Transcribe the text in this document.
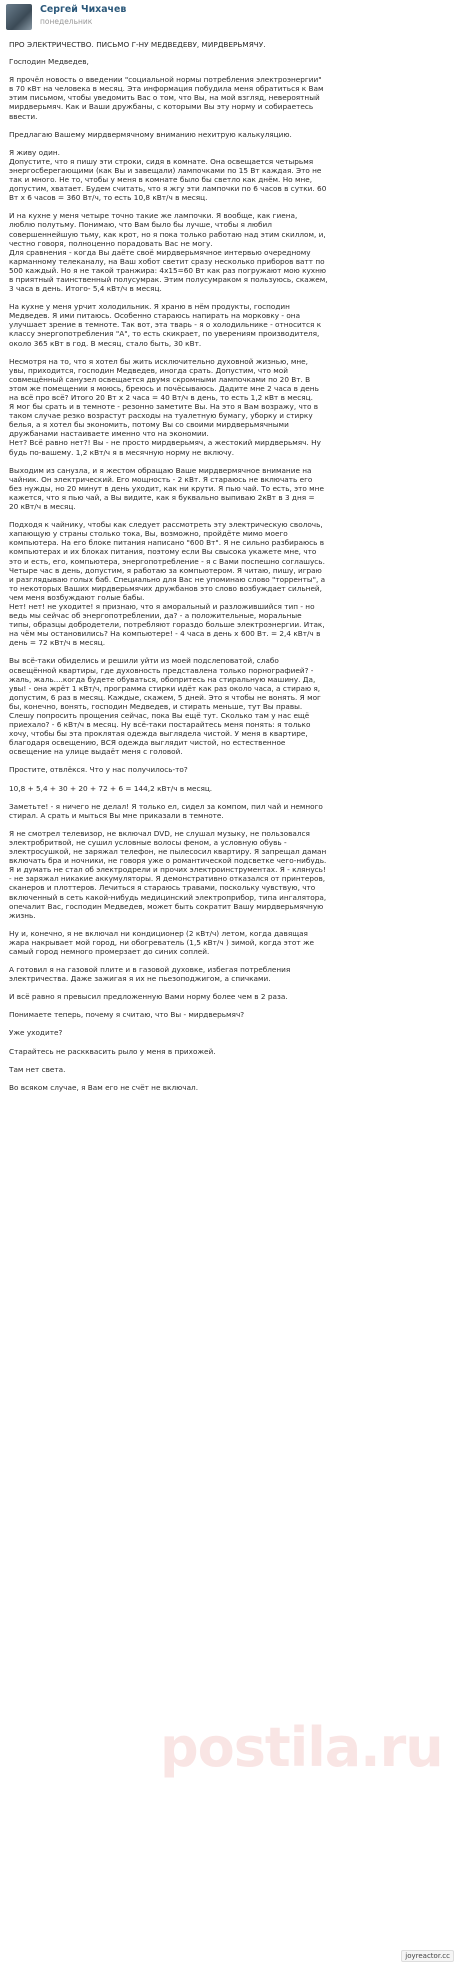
Сергей Чихачев
понедельник

ПРО ЭЛЕКТРИЧЕСТВО. ПИСЬМО Г-НУ МЕДВЕДЕВУ, МИРДВЕРЬМЯЧУ.

Господин Медведев,

Я прочёл новость о введении "социальной нормы потребления электроэнергии"
в 70 кВт на человека в месяц. Эта информация побудила меня обратиться к Вам
этим письмом, чтобы уведомить Вас о том, что Вы, на мой взгляд, невероятный
мирдверьмяч. Как и Ваши дружбаны, с которыми Вы эту норму и собираетесь
ввести.

Предлагаю Вашему мирдвермячному вниманию нехитрую калькуляцию.

Я живу один.
Допустите, что я пишу эти строки, сидя в комнате. Она освещается четырьмя
энергосберегающими (как Вы и завещали) лампочками по 15 Вт каждая. Это не
так и много. Не то, чтобы у меня в комнате было бы светло как днём. Но мне,
допустим, хватает. Будем считать, что я жгу эти лампочки по 6 часов в сутки. 60
Вт х 6 часов = 360 Вт/ч, то есть 10,8 кВт/ч в месяц.

И на кухне у меня четыре точно такие же лампочки. Я вообще, как гиена,
люблю полутьму. Понимаю, что Вам было бы лучше, чтобы я любил
совершеннейшую тьму, как крот, но я пока только работаю над этим скиллом, и,
честно говоря, полноценно порадовать Вас не могу.
Для сравнения - когда Вы даёте своё мирдверьмячное интервью очередному
карманному телеканалу, на Ваш хобот светит сразу несколько приборов ватт по
500 каждый. Но я не такой транжира: 4х15=60 Вт как раз погружают мою кухню
в приятный таинственный полусумрак. Этим полусумраком я пользуюсь, скажем,
3 часа в день. Итого- 5,4 кВт/ч в месяц.

На кухне у меня урчит холодильник. Я храню в нём продукты, господин
Медведев. Я ими питаюсь. Особенно стараюсь напирать на морковку - она
улучшает зрение в темноте. Так вот, эта тварь - я о холодильнике - относится к
классу энергопотребления "А", то есть скикрает, по уверениям производителя,
около 365 кВт в год. В месяц, стало быть, 30 кВт.

Несмотря на то, что я хотел бы жить исключительно духовной жизнью, мне,
увы, приходится, господин Медведев, иногда срать. Допустим, что мой
совмещённый санузел освещается двумя скромными лампочками по 20 Вт. В
этом же помещении я моюсь, бреюсь и почёсываюсь. Дадите мне 2 часа в день
на всё про всё? Итого 20 Вт х 2 часа = 40 Вт/ч в день, то есть 1,2 кВт в месяц.
Я мог бы срать и в темноте - резонно заметите Вы. На это я Вам возражу, что в
таком случае резко возрастут расходы на туалетную бумагу, уборку и стирку
белья, а я хотел бы экономить, потому Вы со своими мирдверьмячными
дружбанами настаиваете именно что на экономии.
Нет? Всё равно нет?! Вы - не просто мирдверьмяч, а жестокий мирдверьмяч. Ну
будь по-вашему. 1,2 кВт/ч я в месячную норму не включу.

Выходим из санузла, и я жестом обращаю Ваше мирдвермячное внимание на
чайник. Он электрический. Его мощность - 2 кВт. Я стараюсь не включать его
без нужды, но 20 минут в день уходит, как ни крути. Я пью чай. То есть, это мне
кажется, что я пью чай, а Вы видите, как я буквально выпиваю 2кВт в 3 дня =
20 кВт/ч в месяц.

Подходя к чайнику, чтобы как следует рассмотреть эту электрическую сволочь,
хапающую у страны столько тока, Вы, возможно, пройдёте мимо моего
компьютера. На его блоке питания написано "600 Вт". Я не сильно разбираюсь в
компьютерах и их блоках питания, поэтому если Вы свысока укажете мне, что
это и есть, его, компьютера, энергопотребление - я с Вами поспешно соглашусь.
Четыре час в день, допустим, я работаю за компьютером. Я читаю, пишу, играю
и разглядываю голых баб. Специально для Вас не упоминаю слово "торренты", а
то некоторых Ваших мирдверьмячих дружбанов это слово возбуждает сильней,
чем меня возбуждают голые бабы.
Нет! нет! не уходите! я признаю, что я аморальный и разложившийся тип - но
ведь мы сейчас об энергопотреблении, да? - а положительные, моральные
типы, образцы добродетели, потребляют гораздо больше электроэнергии. Итак,
на чём мы остановились? На компьютере! - 4 часа в день х 600 Вт. = 2,4 кВт/ч в
день = 72 кВт/ч в месяц.

Вы всё-таки обиделись и решили уйти из моей подслеповатой, слабо
освещённой квартиры, где духовность представлена только порнографией? -
жаль, жаль....когда будете обуваться, обопритесь на стиральную машину. Да,
увы! - она жрёт 1 кВт/ч, программа стирки идёт как раз около часа, а стираю я,
допустим, 6 раз в месяц. Каждые, скажем, 5 дней. Это я чтобы не вонять. Я мог
бы, конечно, вонять, господин Медведев, и стирать меньше, тут Вы правы.
Слешу попросить прощения сейчас, пока Вы ещё тут. Сколько там у нас ещё
приехало? - 6 кВт/ч в месяц. Ну всё-таки постарайтесь меня понять: я только
хочу, чтобы бы эта проклятая одежда выглядела чистой. У меня в квартире,
благодаря освещению, ВСЯ одежда выглядит чистой, но естественное
освещение на улице выдаёт меня с головой.

Простите, отвлёкся. Что у нас получилось-то?

10,8 + 5,4 + 30 + 20 + 72 + 6 = 144,2 кВт/ч в месяц.

Заметьте! - я ничего не делал! Я только ел, сидел за компом, пил чай и немного
стирал. А срать и мыться Вы мне приказали в темноте.

Я не смотрел телевизор, не включал DVD, не слушал музыку, не пользовался
электробритвой, не сушил условные волосы феном, а условную обувь -
электросушкой, не заряжал телефон, не пылесосил квартиру. Я запрещал даман
включать бра и ночники, не говоря уже о романтической подсветке чего-нибудь.
Я и думать не стал об электродрели и прочих электроинструментах. Я - клянусь!
- не заряжал никакие аккумуляторы. Я демонстративно отказался от принтеров,
сканеров и плоттеров. Лечиться я стараюсь травами, поскольку чувствую, что
включенный в сеть какой-нибудь медицинский электроприбор, типа ингалятора,
опечалит Вас, господин Медведев, может быть сократит Вашу мирдверьмячную
жизнь.

Ну и, конечно, я не включал ни кондиционер (2 кВт/ч) летом, когда давящая
жара накрывает мой город, ни обогреватель (1,5 кВт/ч ) зимой, когда этот же
самый город немного промерзает до синих соплей.

А готовил я на газовой плите и в газовой духовке, избегая потребления
электричества. Даже зажигая я их не пьезоподжигом, а спичками.

И всё равно я превысил предложенную Вами норму более чем в 2 раза.

Понимаете теперь, почему я считаю, что Вы - мирдверьмяч?

Уже уходите?

Старайтесь не раскквасить рыло у меня в прихожей.

Там нет света.

Во всяком случае, я Вам его не счёт не включал.

postila.ru
joyreactor.cc
